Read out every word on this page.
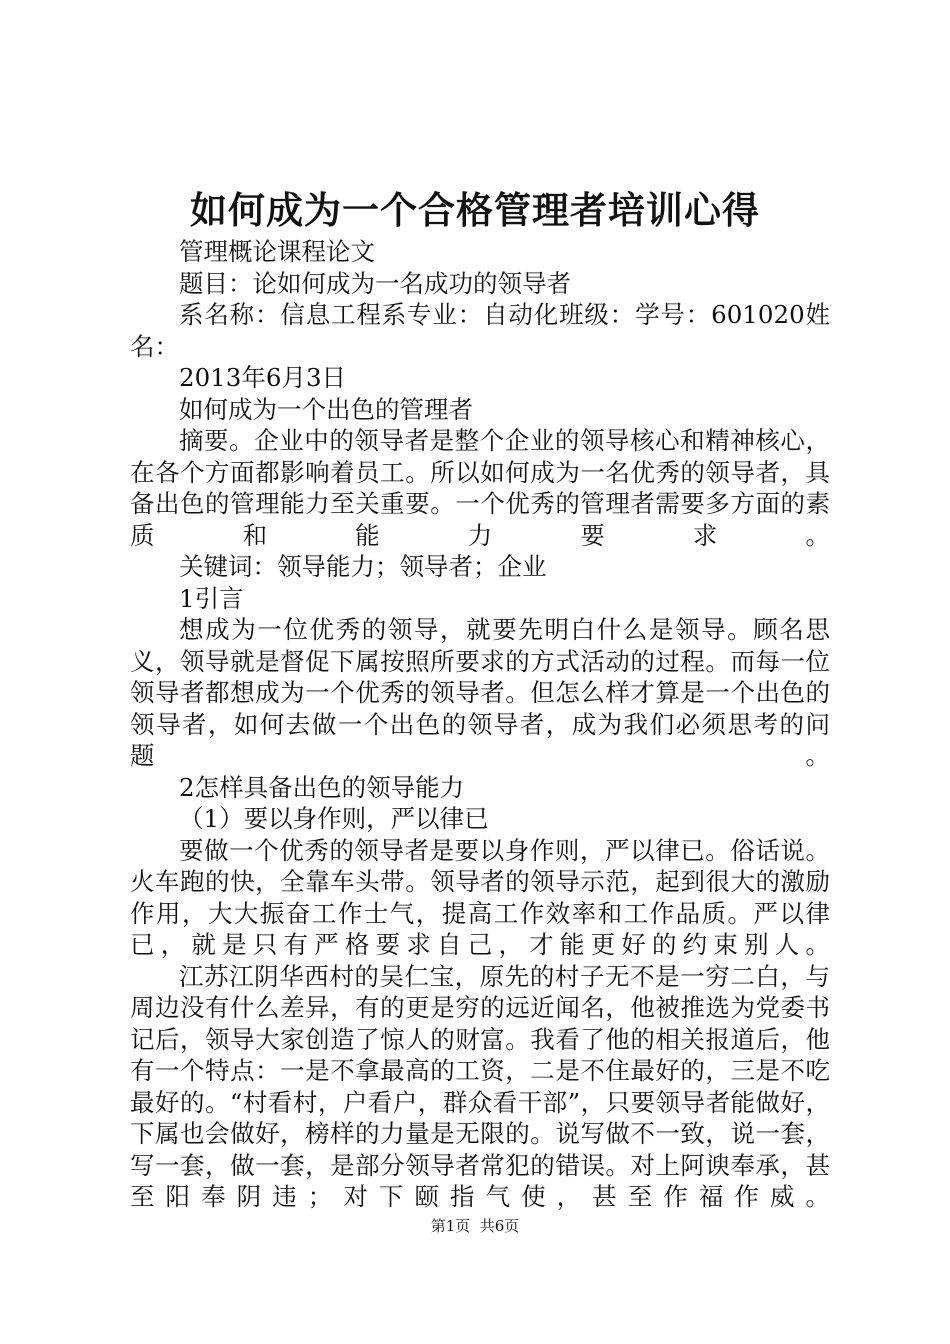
如何成为一个合格管理者培训心得

管理概论课程论文

题目：论如何成为一名成功的领导者

系名称：信息工程系专业：自动化班级：学号：601020姓名：

2013年6月3日

如何成为一个出色的管理者

摘要。企业中的领导者是整个企业的领导核心和精神核心，在各个方面都影响着员工。所以如何成为一名优秀的领导者，具备出色的管理能力至关重要。一个优秀的管理者需要多方面的素质和能力要求。

关键词：领导能力；领导者；企业

1引言

想成为一位优秀的领导，就要先明白什么是领导。顾名思义，领导就是督促下属按照所要求的方式活动的过程。而每一位领导者都想成为一个优秀的领导者。但怎么样才算是一个出色的领导者，如何去做一个出色的领导者，成为我们必须思考的问题。

2怎样具备出色的领导能力

（1）要以身作则，严以律已

要做一个优秀的领导者是要以身作则，严以律已。俗话说。火车跑的快，全靠车头带。领导者的领导示范，起到很大的激励作用，大大振奋工作士气，提高工作效率和工作品质。严以律已，就是只有严格要求自己，才能更好的约束别人。

江苏江阴华西村的吴仁宝，原先的村子无不是一穷二白，与周边没有什么差异，有的更是穷的远近闻名，他被推选为党委书记后，领导大家创造了惊人的财富。我看了他的相关报道后，他有一个特点：一是不拿最高的工资，二是不住最好的，三是不吃最好的。“村看村，户看户，群众看干部”，只要领导者能做好，下属也会做好，榜样的力量是无限的。说写做不一致，说一套，写一套，做一套，是部分领导者常犯的错误。对上阿谀奉承，甚至阳奉阴违；对下颐指气使，甚至作福作威。

第1页  共6页
